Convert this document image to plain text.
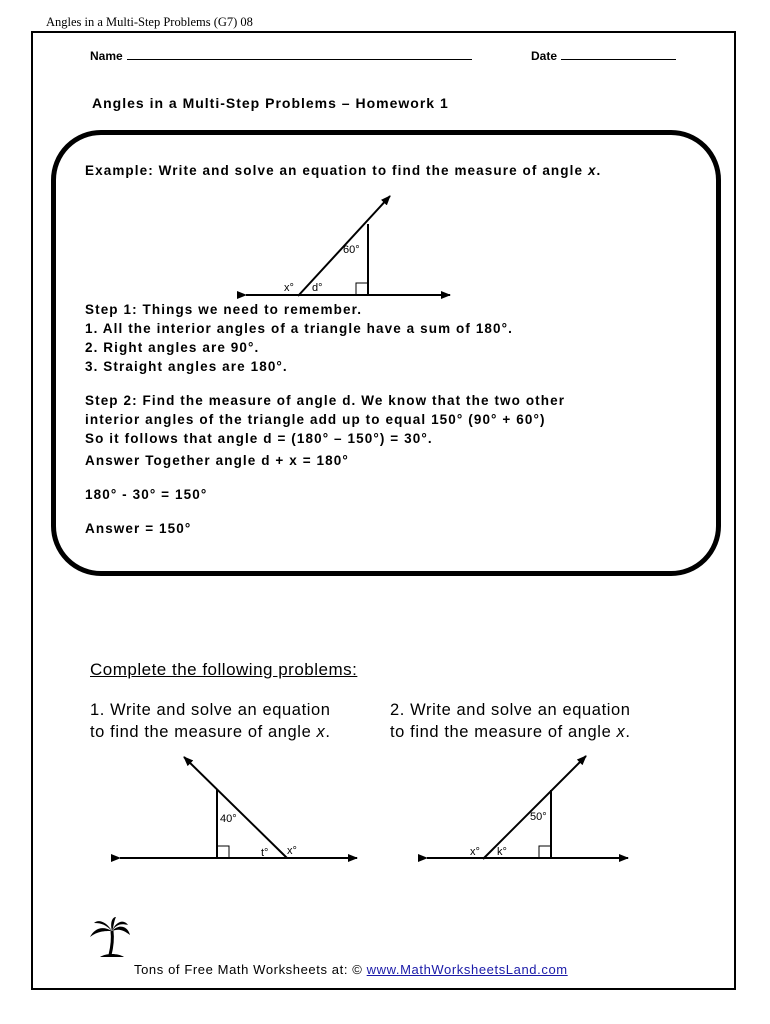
Angles in a Multi-Step Problems (G7) 08
Name	Date
Angles in a Multi-Step Problems – Homework 1
Example: Write and solve an equation to find the measure of angle x.
60°
x° d°
Step 1: Things we need to remember.
1. All the interior angles of a triangle have a sum of 180°.
2. Right angles are 90°.
3. Straight angles are 180°.
Step 2: Find the measure of angle d. We know that the two other
interior angles of the triangle add up to equal 150° (90° + 60°)
So it follows that angle d = (180° – 150°) = 30°.
Answer Together angle d + x = 180°
180° - 30° = 150°
Answer = 150°
Complete the following problems:
1. Write and solve an equation
to find the measure of angle x.
2. Write and solve an equation
to find the measure of angle x.
40°
t° x°
50°
x° k°
Tons of Free Math Worksheets at: © www.MathWorksheetsLand.com
